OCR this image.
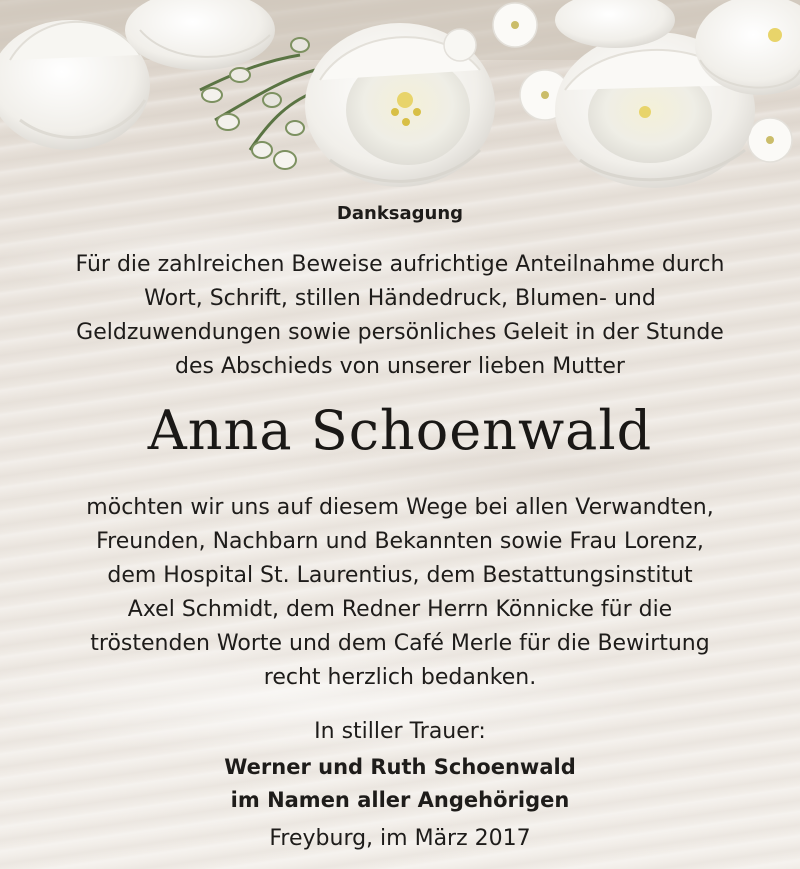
Danksagung

Für die zahlreichen Beweise aufrichtige Anteilnahme durch
Wort, Schrift, stillen Händedruck, Blumen- und
Geldzuwendungen sowie persönliches Geleit in der Stunde
des Abschieds von unserer lieben Mutter

Anna Schoenwald

möchten wir uns auf diesem Wege bei allen Verwandten,
Freunden, Nachbarn und Bekannten sowie Frau Lorenz,
dem Hospital St. Laurentius, dem Bestattungsinstitut
Axel Schmidt, dem Redner Herrn Könnicke für die
tröstenden Worte und dem Café Merle für die Bewirtung
recht herzlich bedanken.

In stiller Trauer:

Werner und Ruth Schoenwald
im Namen aller Angehörigen

Freyburg, im März 2017
